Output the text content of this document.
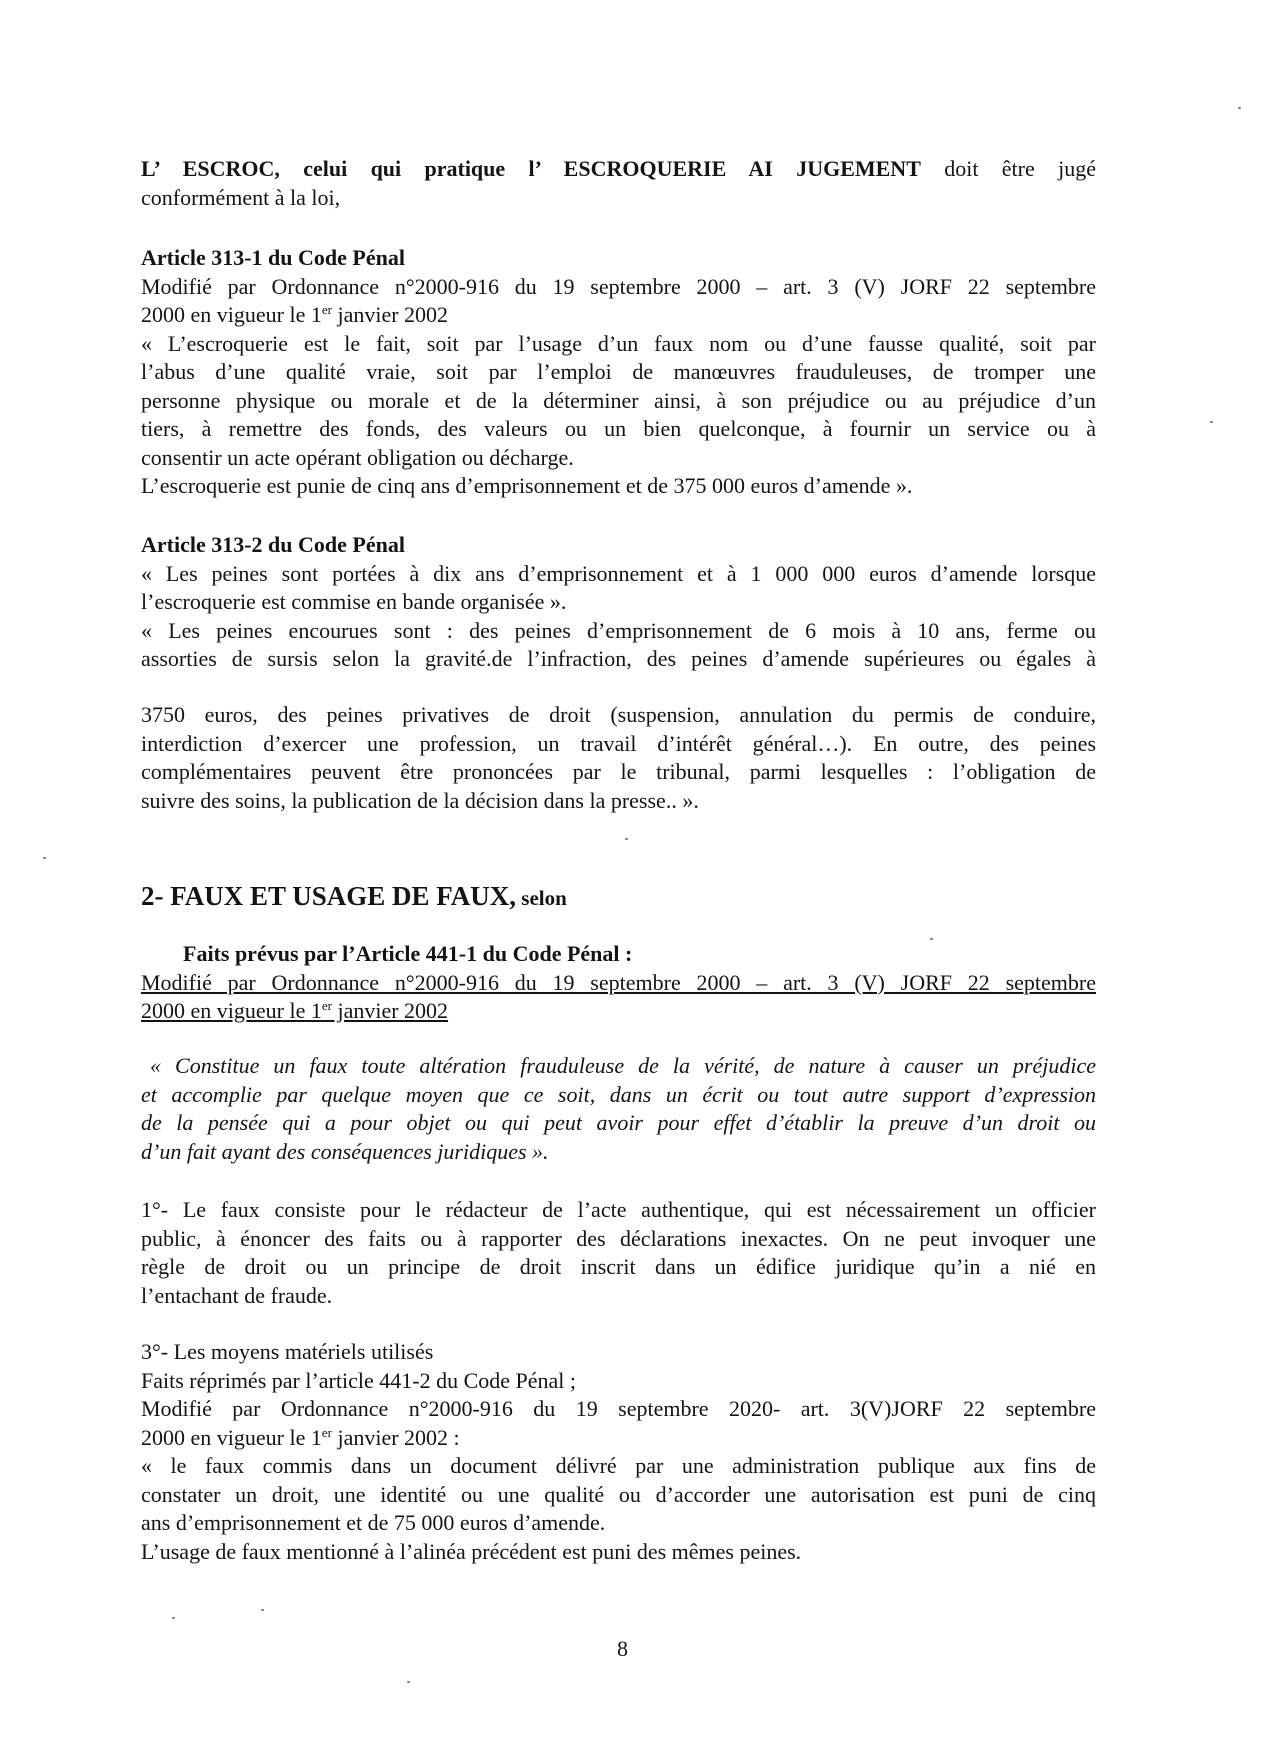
L’ ESCROC, celui qui pratique l’ ESCROQUERIE AI JUGEMENT doit être jugé
conformément à la loi,
Article 313-1 du Code Pénal
Modifié par Ordonnance n°2000-916 du 19 septembre 2000 – art. 3 (V) JORF 22 septembre
2000 en vigueur le 1er janvier 2002
« L’escroquerie est le fait, soit par l’usage d’un faux nom ou d’une fausse qualité, soit par
l’abus d’une qualité vraie, soit par l’emploi de manœuvres frauduleuses, de tromper une
personne physique ou morale et de la déterminer ainsi, à son préjudice ou au préjudice d’un
tiers, à remettre des fonds, des valeurs ou un bien quelconque, à fournir un service ou à
consentir un acte opérant obligation ou décharge.
L’escroquerie est punie de cinq ans d’emprisonnement et de 375 000 euros d’amende ».
Article 313-2 du Code Pénal
« Les peines sont portées à dix ans d’emprisonnement et à 1 000 000 euros d’amende lorsque
l’escroquerie est commise en bande organisée ».
« Les peines encourues sont : des peines d’emprisonnement de 6 mois à 10 ans, ferme ou
assorties de sursis selon la gravité.de l’infraction, des peines d’amende supérieures ou égales à
3750 euros, des peines privatives de droit (suspension, annulation du permis de conduire,
interdiction d’exercer une profession, un travail d’intérêt général…). En outre, des peines
complémentaires peuvent être prononcées par le tribunal, parmi lesquelles : l’obligation de
suivre des soins, la publication de la décision dans la presse.. ».
2- FAUX ET USAGE DE FAUX, selon
Faits prévus par l’Article 441-1 du Code Pénal :
Modifié par Ordonnance n°2000-916 du 19 septembre 2000 – art. 3 (V) JORF 22 septembre
2000 en vigueur le 1er janvier 2002
« Constitue un faux toute altération frauduleuse de la vérité, de nature à causer un préjudice
et accomplie par quelque moyen que ce soit, dans un écrit ou tout autre support d’expression
de la pensée qui a pour objet ou qui peut avoir pour effet d’établir la preuve d’un droit ou
d’un fait ayant des conséquences juridiques ».
1°- Le faux consiste pour le rédacteur de l’acte authentique, qui est nécessairement un officier
public, à énoncer des faits ou à rapporter des déclarations inexactes. On ne peut invoquer une
règle de droit ou un principe de droit inscrit dans un édifice juridique qu’in a nié en
l’entachant de fraude.
3°- Les moyens matériels utilisés
Faits réprimés par l’article 441-2 du Code Pénal ;
Modifié par Ordonnance n°2000-916 du 19 septembre 2020- art. 3(V)JORF 22 septembre
2000 en vigueur le 1er janvier 2002 :
« le faux commis dans un document délivré par une administration publique aux fins de
constater un droit, une identité ou une qualité ou d’accorder une autorisation est puni de cinq
ans d’emprisonnement et de 75 000 euros d’amende.
L’usage de faux mentionné à l’alinéa précédent est puni des mêmes peines.
8
